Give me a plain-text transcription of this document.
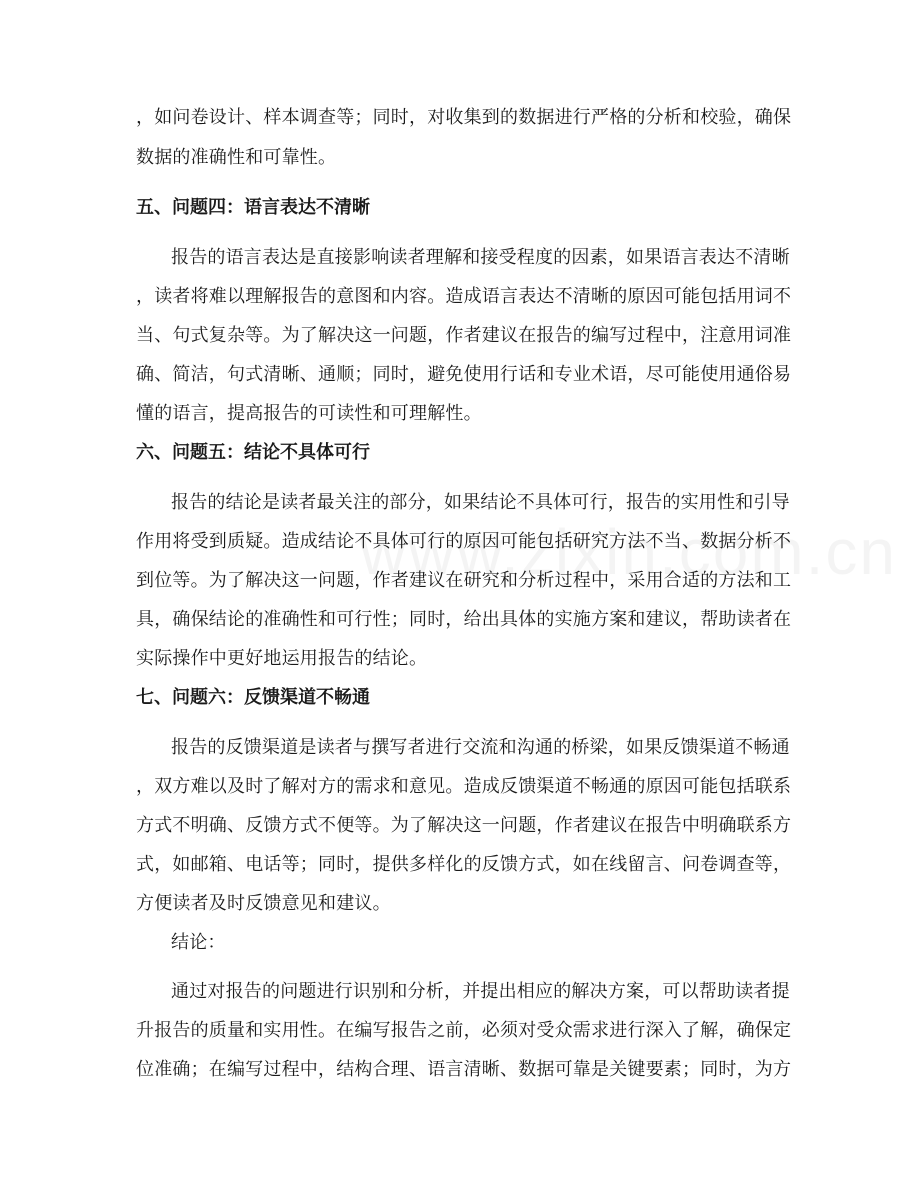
，如问卷设计、样本调查等；同时，对收集到的数据进行严格的分析和校验，确保
数据的准确性和可靠性。
五、问题四：语言表达不清晰
报告的语言表达是直接影响读者理解和接受程度的因素，如果语言表达不清晰
，读者将难以理解报告的意图和内容。造成语言表达不清晰的原因可能包括用词不
当、句式复杂等。为了解决这一问题，作者建议在报告的编写过程中，注意用词准
确、简洁，句式清晰、通顺；同时，避免使用行话和专业术语，尽可能使用通俗易
懂的语言，提高报告的可读性和可理解性。
六、问题五：结论不具体可行
报告的结论是读者最关注的部分，如果结论不具体可行，报告的实用性和引导
作用将受到质疑。造成结论不具体可行的原因可能包括研究方法不当、数据分析不
到位等。为了解决这一问题，作者建议在研究和分析过程中，采用合适的方法和工
具，确保结论的准确性和可行性；同时，给出具体的实施方案和建议，帮助读者在
实际操作中更好地运用报告的结论。
七、问题六：反馈渠道不畅通
报告的反馈渠道是读者与撰写者进行交流和沟通的桥梁，如果反馈渠道不畅通
，双方难以及时了解对方的需求和意见。造成反馈渠道不畅通的原因可能包括联系
方式不明确、反馈方式不便等。为了解决这一问题，作者建议在报告中明确联系方
式，如邮箱、电话等；同时，提供多样化的反馈方式，如在线留言、问卷调查等，
方便读者及时反馈意见和建议。
结论：
通过对报告的问题进行识别和分析，并提出相应的解决方案，可以帮助读者提
升报告的质量和实用性。在编写报告之前，必须对受众需求进行深入了解，确保定
位准确；在编写过程中，结构合理、语言清晰、数据可靠是关键要素；同时，为方
